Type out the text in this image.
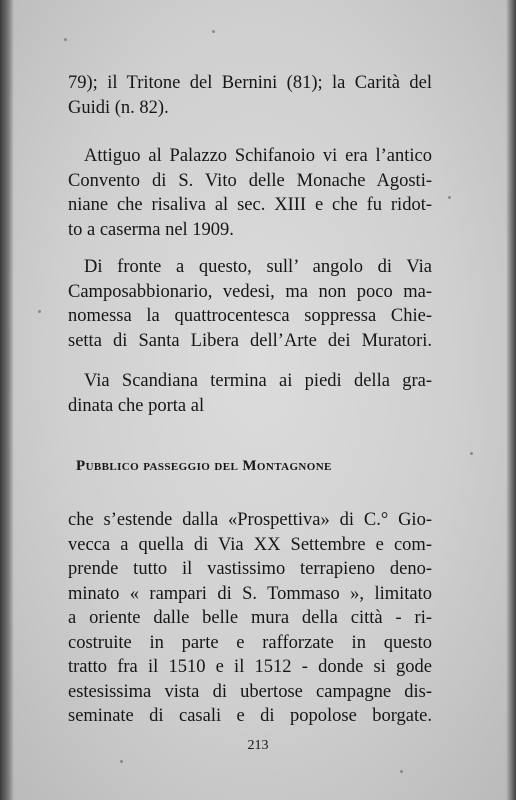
79); il Tritone del Bernini (81); la Carità del
Guidi (n. 82).
Attiguo al Palazzo Schifanoio vi era l’antico
Convento di S. Vito delle Monache Agosti-
niane che risaliva al sec. XIII e che fu ridot-
to a caserma nel 1909.
Di fronte a questo, sull’ angolo di Via
Camposabbionario, vedesi, ma non poco ma-
nomessa la quattrocentesca soppressa Chie-
setta di Santa Libera dell’Arte dei Muratori.
Via Scandiana termina ai piedi della gra-
dinata che porta al
Pubblico passeggio del Montagnone
che s’estende dalla «Prospettiva» di C.° Gio-
vecca a quella di Via XX Settembre e com-
prende tutto il vastissimo terrapieno deno-
minato « rampari di S. Tommaso », limitato
a oriente dalle belle mura della città - ri-
costruite in parte e rafforzate in questo
tratto fra il 1510 e il 1512 - donde si gode
estesissima vista di ubertose campagne dis-
seminate di casali e di popolose borgate.
213
